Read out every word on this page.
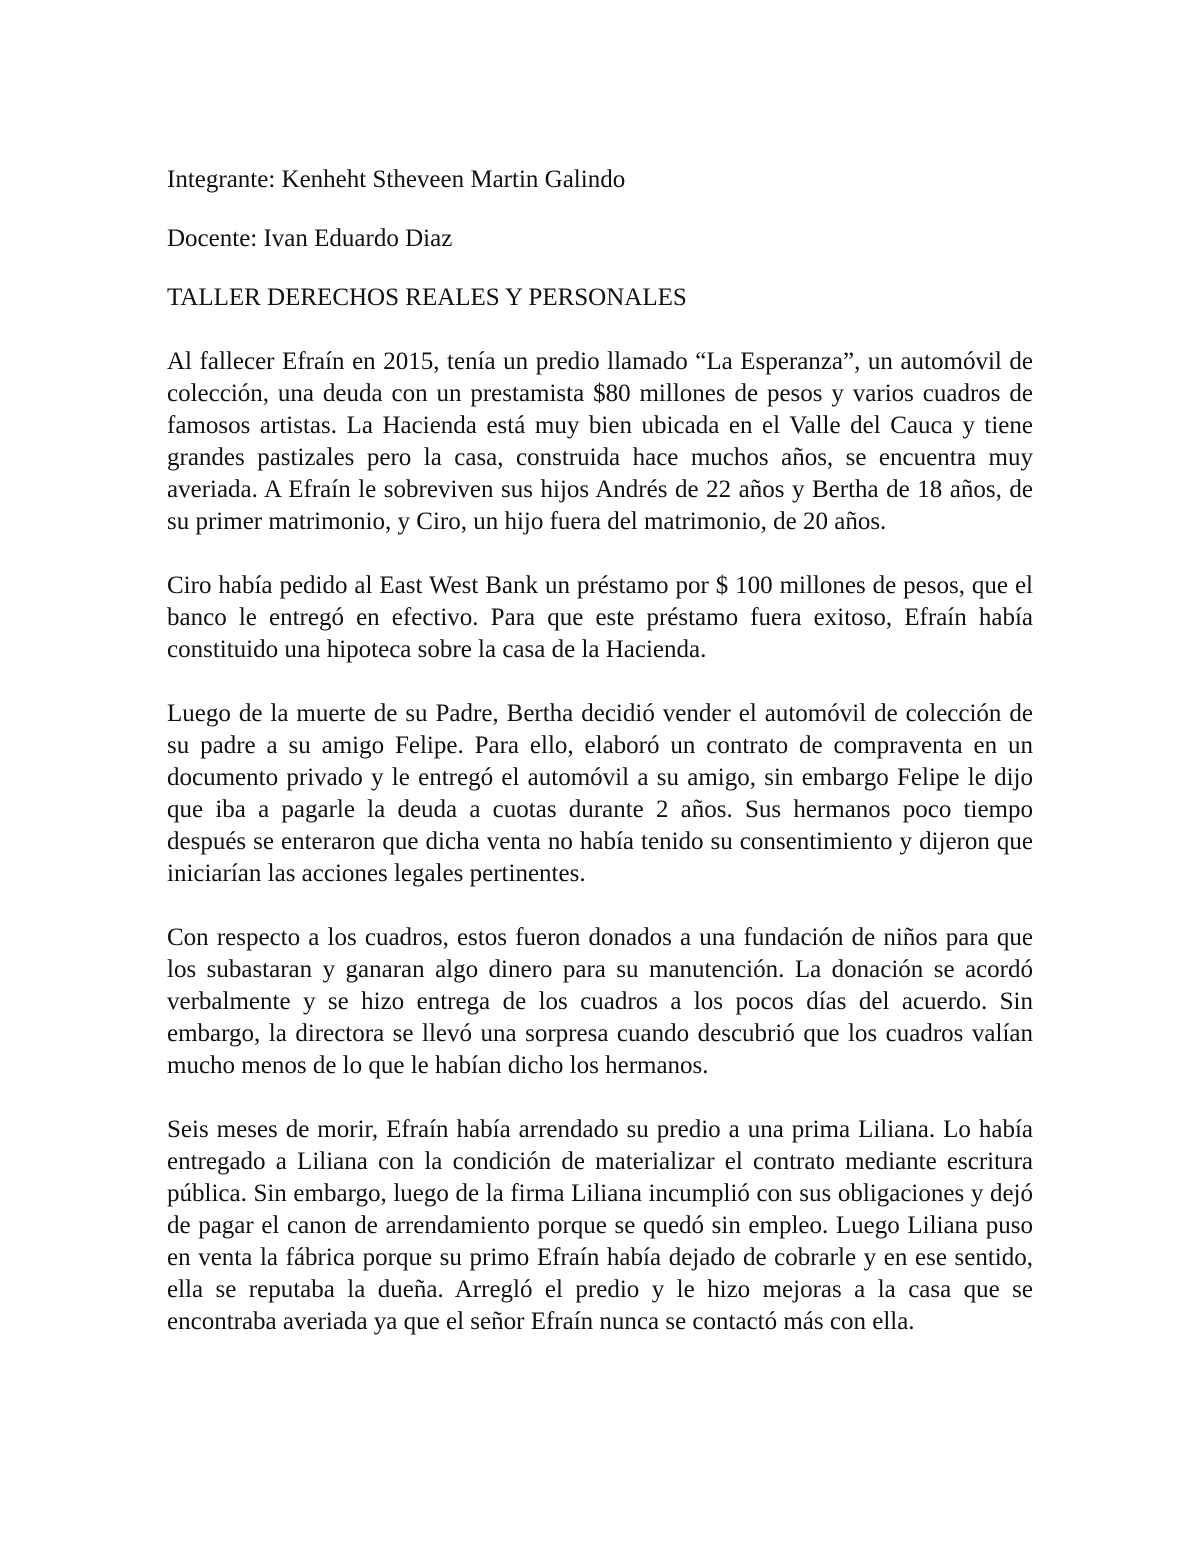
Integrante: Kenheht Stheveen Martin Galindo

Docente: Ivan Eduardo Diaz

TALLER DERECHOS REALES Y PERSONALES

Al fallecer Efraín en 2015, tenía un predio llamado “La Esperanza”, un automóvil de colección, una deuda con un prestamista $80 millones de pesos y varios cuadros de famosos artistas. La Hacienda está muy bien ubicada en el Valle del Cauca y tiene grandes pastizales pero la casa, construida hace muchos años, se encuentra muy averiada. A Efraín le sobreviven sus hijos Andrés de 22 años y Bertha de 18 años, de su primer matrimonio, y Ciro, un hijo fuera del matrimonio, de 20 años.

Ciro había pedido al East West Bank un préstamo por $ 100 millones de pesos, que el banco le entregó en efectivo. Para que este préstamo fuera exitoso, Efraín había constituido una hipoteca sobre la casa de la Hacienda.

Luego de la muerte de su Padre, Bertha decidió vender el automóvil de colección de su padre a su amigo Felipe. Para ello, elaboró un contrato de compraventa en un documento privado y le entregó el automóvil a su amigo, sin embargo Felipe le dijo que iba a pagarle la deuda a cuotas durante 2 años. Sus hermanos poco tiempo después se enteraron que dicha venta no había tenido su consentimiento y dijeron que iniciarían las acciones legales pertinentes.

Con respecto a los cuadros, estos fueron donados a una fundación de niños para que los subastaran y ganaran algo dinero para su manutención. La donación se acordó verbalmente y se hizo entrega de los cuadros a los pocos días del acuerdo. Sin embargo, la directora se llevó una sorpresa cuando descubrió que los cuadros valían mucho menos de lo que le habían dicho los hermanos.

Seis meses de morir, Efraín había arrendado su predio a una prima Liliana. Lo había entregado a Liliana con la condición de materializar el contrato mediante escritura pública. Sin embargo, luego de la firma Liliana incumplió con sus obligaciones y dejó de pagar el canon de arrendamiento porque se quedó sin empleo. Luego Liliana puso en venta la fábrica porque su primo Efraín había dejado de cobrarle y en ese sentido, ella se reputaba la dueña. Arregló el predio y le hizo mejoras a la casa que se encontraba averiada ya que el señor Efraín nunca se contactó más con ella.
